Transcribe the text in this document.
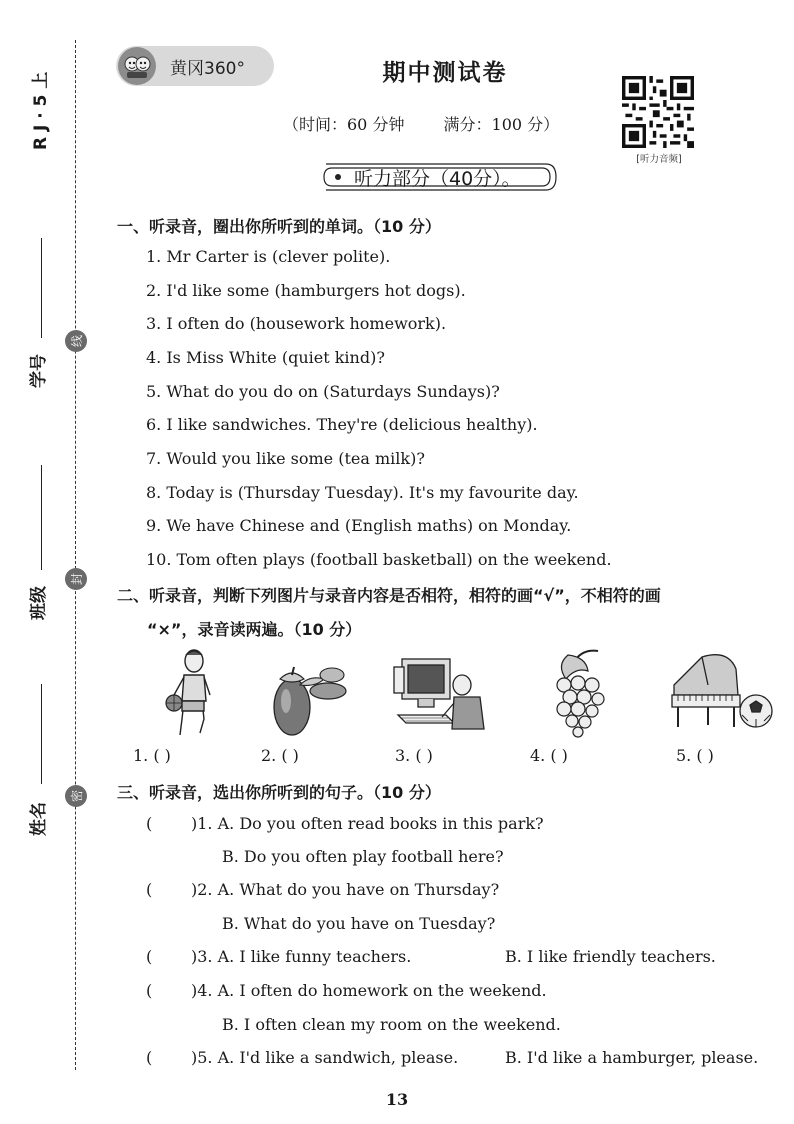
R J · 5 上
学号
班级
姓名
线
封
密
黄冈360°	期中测试卷
（时间：60 分钟 满分：100 分）
[听力音频]
听力部分（40分）。
一、听录音，圈出你所听到的单词。（10 分）
1. Mr Carter is (clever polite).
2. I'd like some (hamburgers hot dogs).
3. I often do (housework homework).
4. Is Miss White (quiet kind)?
5. What do you do on (Saturdays Sundays)?
6. I like sandwiches. They're (delicious healthy).
7. Would you like some (tea milk)?
8. Today is (Thursday Tuesday). It's my favourite day.
9. We have Chinese and (English maths) on Monday.
10. Tom often plays (football basketball) on the weekend.
二、听录音，判断下列图片与录音内容是否相符，相符的画“√”，不相符的画
“×”，录音读两遍。（10 分）
1. ( )	2. ( )	3. ( )	4. ( )	5. ( )
三、听录音，选出你所听到的句子。（10 分）
( )1. A. Do you often read books in this park?
B. Do you often play football here?
( )2. A. What do you have on Thursday?
B. What do you have on Tuesday?
( )3. A. I like funny teachers.	B. I like friendly teachers.
( )4. A. I often do homework on the weekend.
B. I often clean my room on the weekend.
( )5. A. I'd like a sandwich, please.	B. I'd like a hamburger, please.
13
